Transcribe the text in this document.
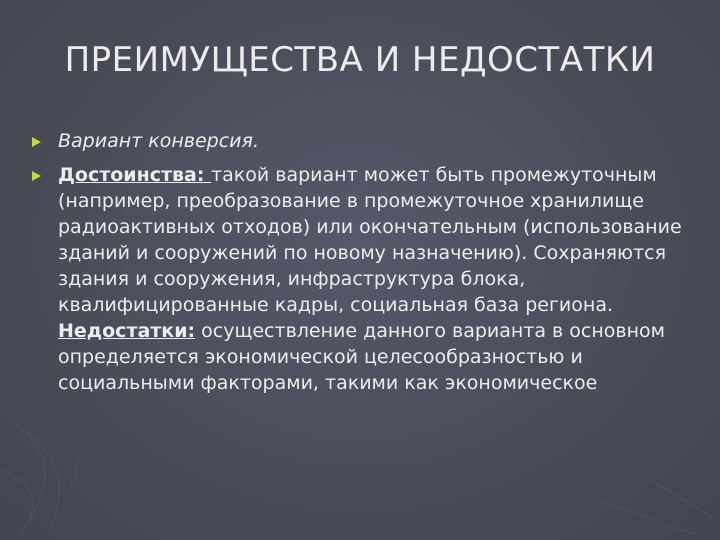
ПРЕИМУЩЕСТВА И НЕДОСТАТКИ
Вариант конверсия.
Достоинства: такой вариант может быть промежуточным (например, преобразование в промежуточное хранилище радиоактивных отходов) или окончательным (использование зданий и сооружений по новому назначению). Сохраняются здания и сооружения, инфраструктура блока, квалифицированные кадры, социальная база региона. Недостатки: осуществление данного варианта в основном определяется экономической целесообразностью и социальными факторами, такими как экономическое
